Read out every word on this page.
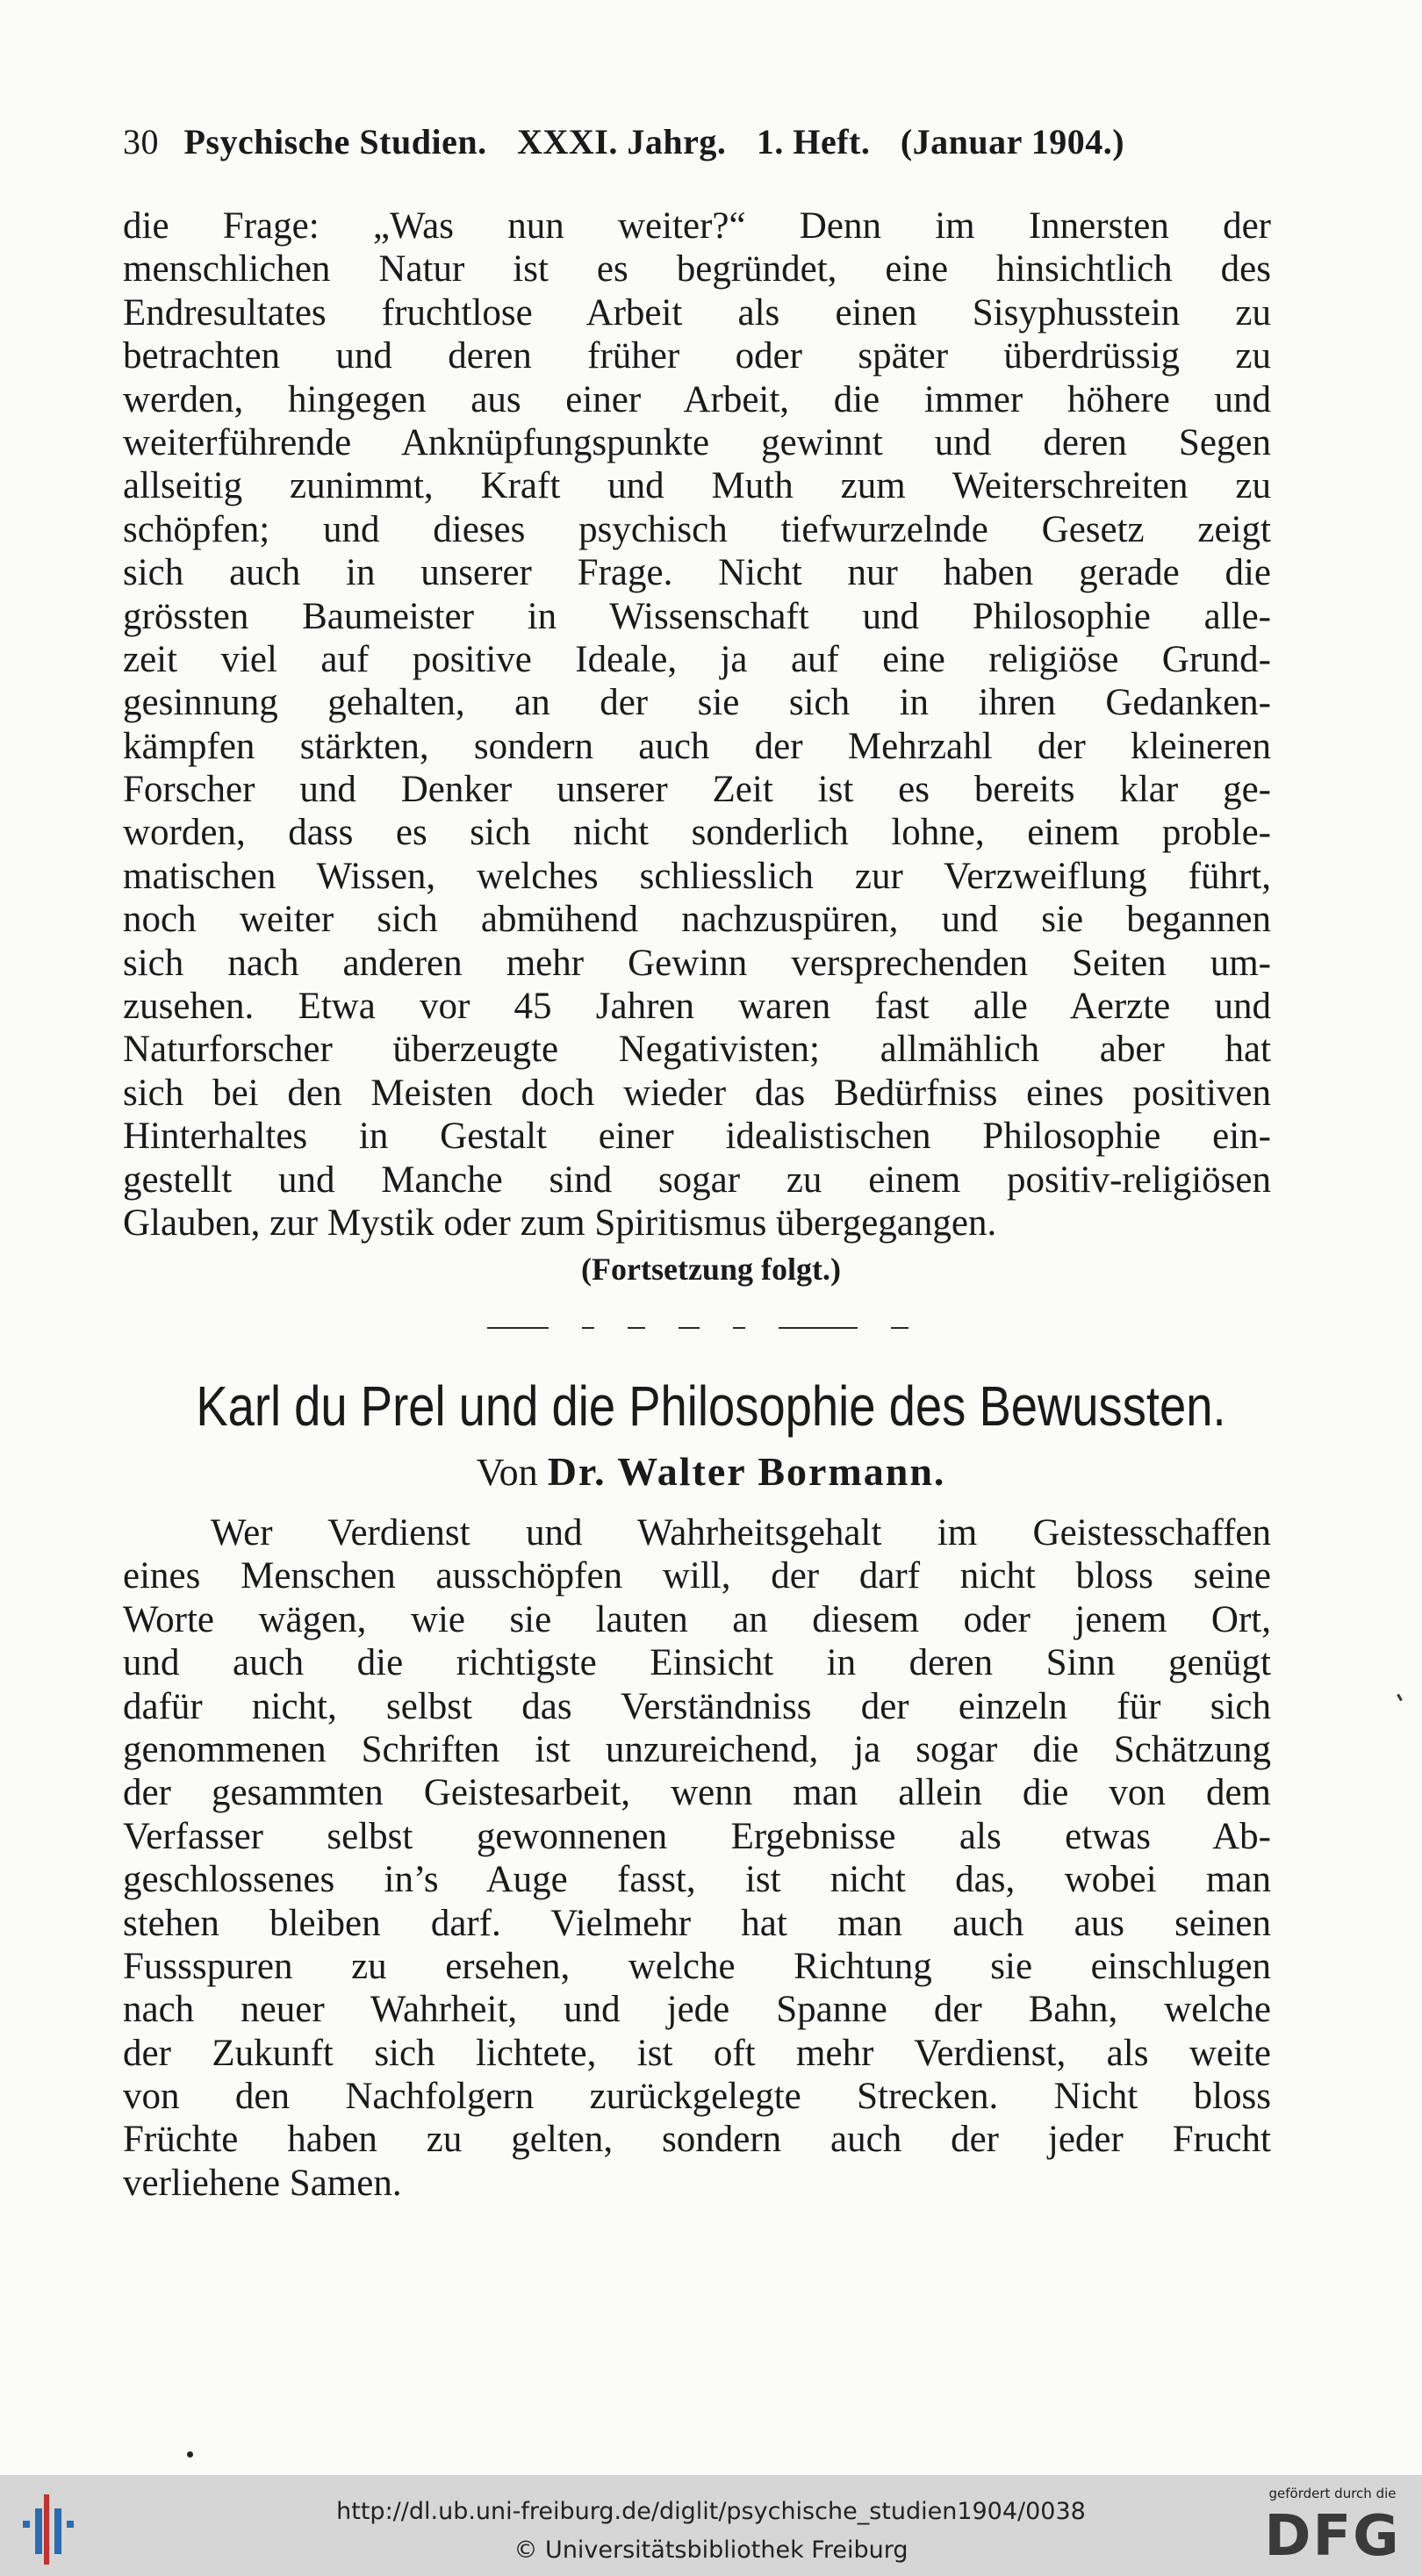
30 Psychische Studien. XXXI. Jahrg. 1. Heft. (Januar 1904.)
die Frage: „Was nun weiter?“ Denn im Innersten der
menschlichen Natur ist es begründet, eine hinsichtlich des
Endresultates fruchtlose Arbeit als einen Sisyphusstein zu
betrachten und deren früher oder später überdrüssig zu
werden, hingegen aus einer Arbeit, die immer höhere und
weiterführende Anknüpfungspunkte gewinnt und deren Segen
allseitig zunimmt, Kraft und Muth zum Weiterschreiten zu
schöpfen; und dieses psychisch tiefwurzelnde Gesetz zeigt
sich auch in unserer Frage. Nicht nur haben gerade die
grössten Baumeister in Wissenschaft und Philosophie alle-
zeit viel auf positive Ideale, ja auf eine religiöse Grund-
gesinnung gehalten, an der sie sich in ihren Gedanken-
kämpfen stärkten, sondern auch der Mehrzahl der kleineren
Forscher und Denker unserer Zeit ist es bereits klar ge-
worden, dass es sich nicht sonderlich lohne, einem proble-
matischen Wissen, welches schliesslich zur Verzweiflung führt,
noch weiter sich abmühend nachzuspüren, und sie begannen
sich nach anderen mehr Gewinn versprechenden Seiten um-
zusehen. Etwa vor 45 Jahren waren fast alle Aerzte und
Naturforscher überzeugte Negativisten; allmählich aber hat
sich bei den Meisten doch wieder das Bedürfniss eines positiven
Hinterhaltes in Gestalt einer idealistischen Philosophie ein-
gestellt und Manche sind sogar zu einem positiv-religiösen
Glauben, zur Mystik oder zum Spiritismus übergegangen.
(Fortsetzung folgt.)
Karl du Prel und die Philosophie des Bewussten.
Von Dr. Walter Bormann.
Wer Verdienst und Wahrheitsgehalt im Geistesschaffen
eines Menschen ausschöpfen will, der darf nicht bloss seine
Worte wägen, wie sie lauten an diesem oder jenem Ort,
und auch die richtigste Einsicht in deren Sinn genügt
dafür nicht, selbst das Verständniss der einzeln für sich
genommenen Schriften ist unzureichend, ja sogar die Schätzung
der gesammten Geistesarbeit, wenn man allein die von dem
Verfasser selbst gewonnenen Ergebnisse als etwas Ab-
geschlossenes in’s Auge fasst, ist nicht das, wobei man
stehen bleiben darf. Vielmehr hat man auch aus seinen
Fussspuren zu ersehen, welche Richtung sie einschlugen
nach neuer Wahrheit, und jede Spanne der Bahn, welche
der Zukunft sich lichtete, ist oft mehr Verdienst, als weite
von den Nachfolgern zurückgelegte Strecken. Nicht bloss
Früchte haben zu gelten, sondern auch der jeder Frucht
verliehene Samen.
http://dl.ub.uni-freiburg.de/diglit/psychische_studien1904/0038
© Universitätsbibliothek Freiburg
gefördert durch die
DFG
